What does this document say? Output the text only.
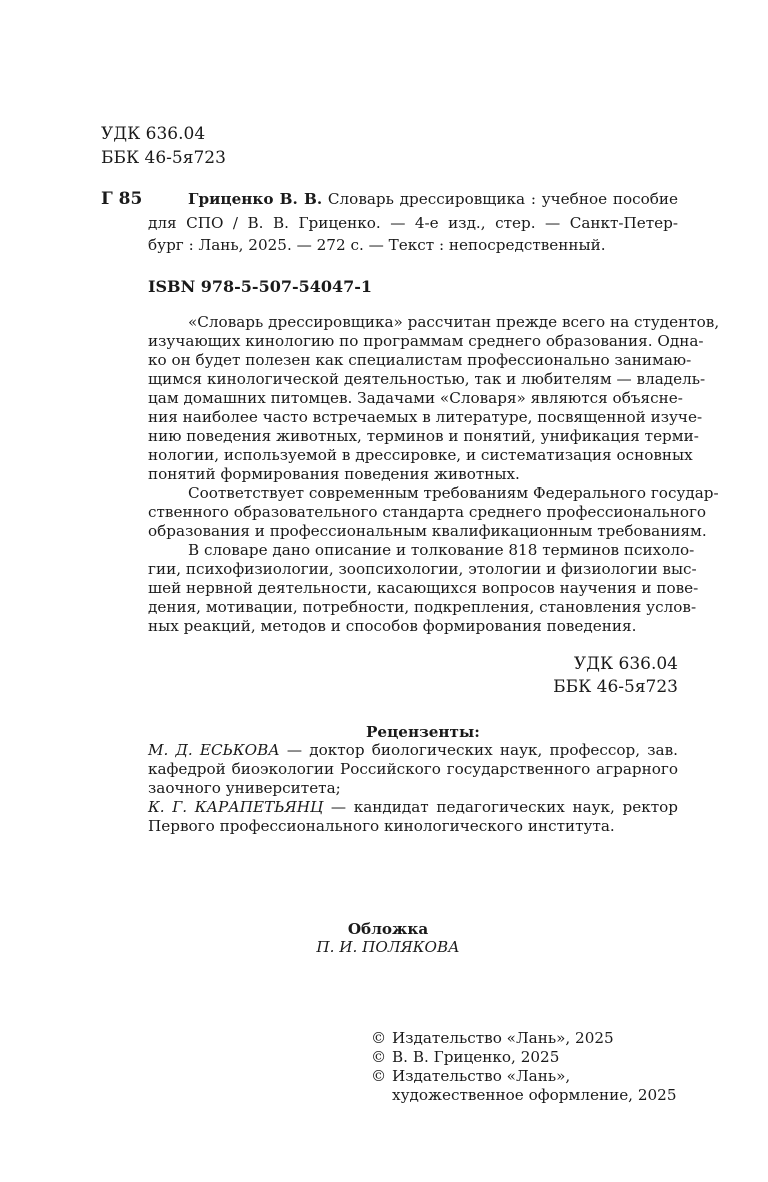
УДК 636.04
ББК 46-5я723
Г 85	Гриценко В. В. Словарь дрессировщика : учебное пособие
для СПО / В. В. Гриценко. — 4-е изд., стер. — Санкт-Петер-
бург : Лань, 2025. — 272 с. — Текст : непосредственный.
ISBN 978-5-507-54047-1
«Словарь дрессировщика» рассчитан прежде всего на студентов,
изучающих кинологию по программам среднего образования. Одна-
ко он будет полезен как специалистам профессионально занимаю-
щимся кинологической деятельностью, так и любителям — владель-
цам домашних питомцев. Задачами «Словаря» являются объясне-
ния наиболее часто встречаемых в литературе, посвященной изуче-
нию поведения животных, терминов и понятий, унификация терми-
нологии, используемой в дрессировке, и систематизация основных
понятий формирования поведения животных.
Соответствует современным требованиям Федерального государ-
ственного образовательного стандарта среднего профессионального
образования и профессиональным квалификационным требованиям.
В словаре дано описание и толкование 818 терминов психоло-
гии, психофизиологии, зоопсихологии, этологии и физиологии выс-
шей нервной деятельности, касающихся вопросов научения и пове-
дения, мотивации, потребности, подкрепления, становления услов-
ных реакций, методов и способов формирования поведения.
УДК 636.04
ББК 46-5я723
Рецензенты:
М. Д. ЕСЬКОВА — доктор биологических наук, профессор, зав.
кафедрой биоэкологии Российского государственного аграрного
заочного университета;
К. Г. КАРАПЕТЬЯНЦ — кандидат педагогических наук, ректор
Первого профессионального кинологического института.
Обложка
П. И. ПОЛЯКОВА
© Издательство «Лань», 2025
© В. В. Гриценко, 2025
© Издательство «Лань»,
художественное оформление, 2025
